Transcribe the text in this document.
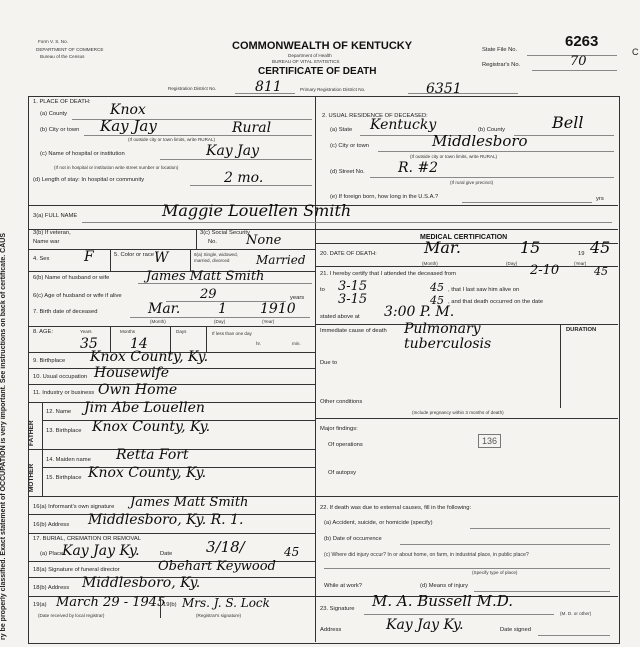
ry be properly classified. Exact statement of OCCUPATION is very important. See instructions on back of certificate. CAUS
C
Form V. S. No.
DEPARTMENT OF COMMERCE
Bureau of the Census
COMMONWEALTH OF KENTUCKY
Department of Health
BUREAU OF VITAL STATISTICS
CERTIFICATE OF DEATH
6263
State File No.
Registrar's No.	70
Registration District No.	811	Primary Registration District No.	6351
1. PLACE OF DEATH:
(a) County	Knox
(b) City or town Kay Jay	Rural
(If outside city or town limits, write RURAL)
(c) Name of hospital or institution	Kay Jay
(If not in hospital or institution write street number or location)
(d) Length of stay: In hospital or community	2 mo.
2. USUAL RESIDENCE OF DECEASED:
(a) State Kentucky	(b) County	Bell
(c) City or town	Middlesboro
(If outside city or town limits, write RURAL)
(d) Street No. R. #2
(If rural give precinct)
(e) If foreign born, how long in the U.S.A.?	yrs
3(a) FULL NAME	Maggie Louellen Smith
3(b) If veteran,
Name war
3(c) Social Security
No. None
4. Sex F	5. Color or race W	6(a) Single, widowed, married, divorced	Married
6(b) Name of husband or wife	James Matt Smith
6(c) Age of husband or wife if alive	29	years
7. Birth date of deceased	Mar.	1 1910
(Month)	(Day)	(Year)
8. AGE:	Years
35
Months
14
Days	If less than one day
hr.	min.
9. Birthplace Knox County, Ky.
10. Usual occupation Housewife
11. Industry or business Own Home
FATHER
MOTHER
12. Name Jim Abe Louellen
13. Birthplace Knox County, Ky.
14. Maiden name Retta Fort
15. Birthplace Knox County, Ky.
16(a) Informant's own signature James Matt Smith
16(b) Address Middlesboro, Ky. R. 1.
17. BURIAL, CREMATION OR REMOVAL
(a) Place
Kay Jay Ky.	Date 3/18/	45
18(a) Signature of funeral director	Obehart Keywood
18(b) Address Middlesboro, Ky.
19(a) March 29 - 1945
19(b) Mrs. J. S. Lock
(Date received by local registrar)	(Registrar's signature)
MEDICAL CERTIFICATION
20. DATE OF DEATH:	Mar.	15	19 45
(Month)	(Day)	(Year)
21. I hereby certify that I attended the deceased from	2-10	45
to 3-15	45 , that I last saw him alive on
3-15	45 , and that death occurred on the date
stated above at 3:00 P. M.
Immediate cause of death Pulmonary tuberculosis
DURATION
Due to
Other conditions
(Include pregnancy within 3 months of death)
Major findings:
Of operations	136
Of autopsy
22. If death was due to external causes, fill in the following:
(a) Accident, suicide, or homicide (specify)
(b) Date of occurrence
(c) Where did injury occur? In or about home, on farm, in industrial place, in public place?
(Specify type of place)
While at work?	(d) Means of injury
23. Signature M. A. Bussell M.D.
(M. D. or other)
Address	Kay Jay Ky.	Date signed
